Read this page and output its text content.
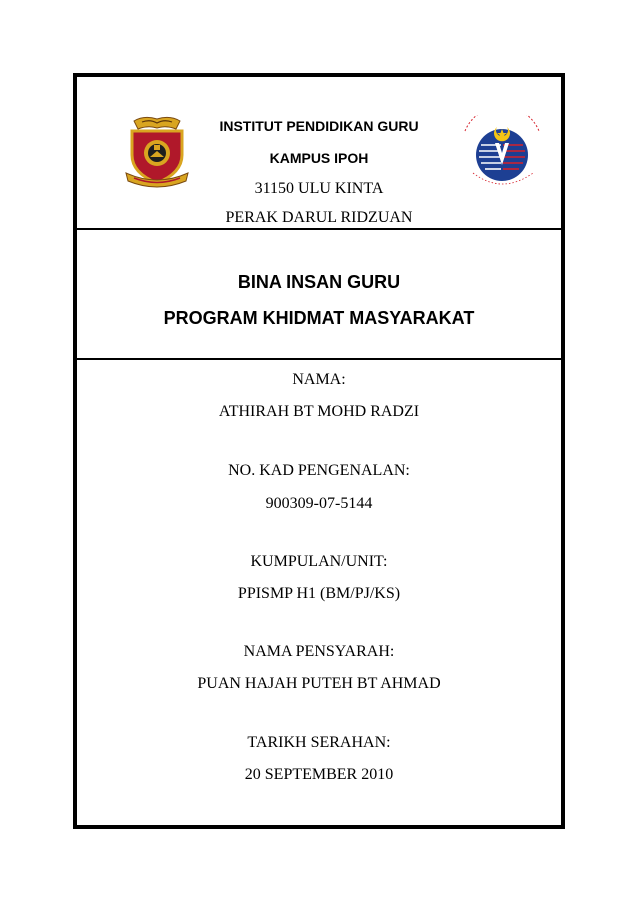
INSTITUT PENDIDIKAN GURU
KAMPUS IPOH
31150 ULU KINTA
PERAK DARUL RIDZUAN
BINA INSAN GURU
PROGRAM KHIDMAT MASYARAKAT
NAMA:
ATHIRAH BT MOHD RADZI
NO. KAD PENGENALAN:
900309-07-5144
KUMPULAN/UNIT:
PPISMP H1 (BM/PJ/KS)
NAMA PENSYARAH:
PUAN HAJAH PUTEH BT AHMAD
TARIKH SERAHAN:
20 SEPTEMBER 2010
